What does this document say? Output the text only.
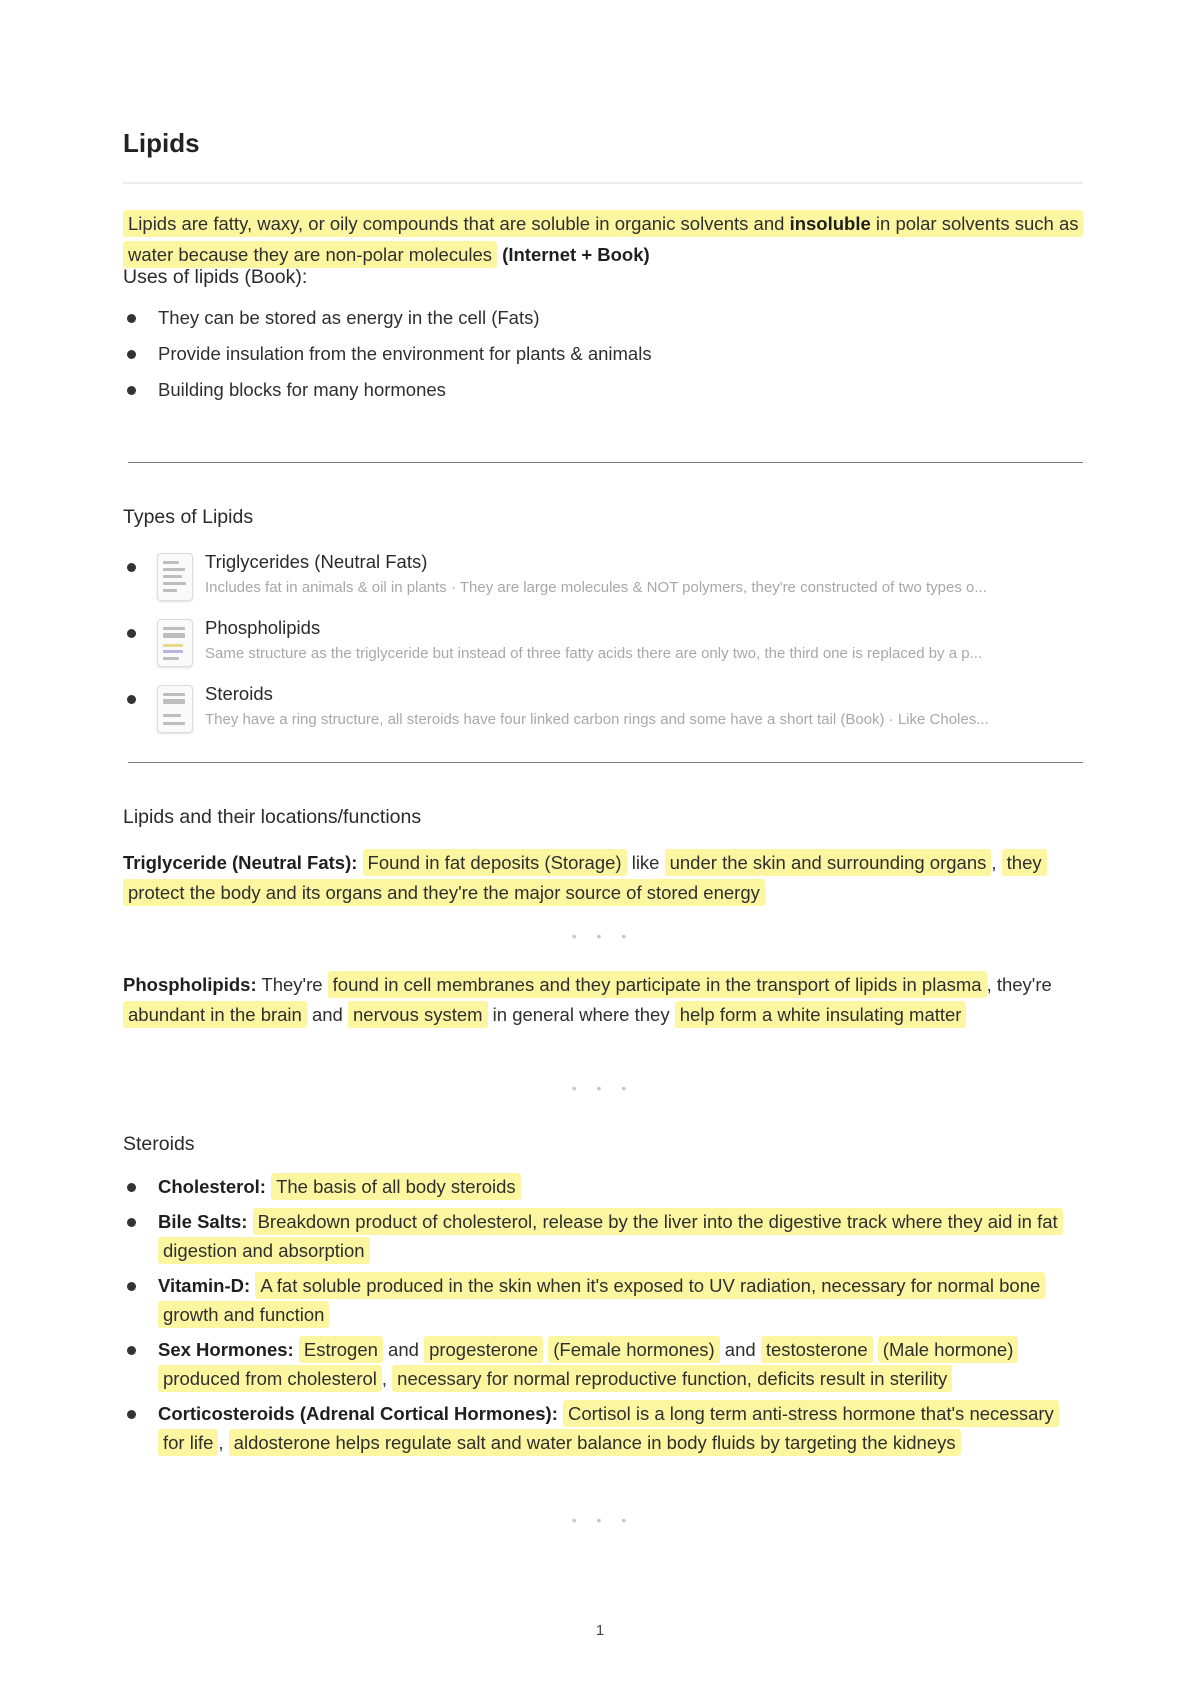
Lipids

Lipids are fatty, waxy, or oily compounds that are soluble in organic solvents and insoluble in polar solvents such as water because they are non-polar molecules (Internet + Book)

Uses of lipids (Book):
They can be stored as energy in the cell (Fats)
Provide insulation from the environment for plants & animals
Building blocks for many hormones
Types of Lipids
Triglycerides (Neutral Fats)
Includes fat in animals & oil in plants · They are large molecules & NOT polymers, they're constructed of two types o...
Phospholipids
Same structure as the triglyceride but instead of three fatty acids there are only two, the third one is replaced by a p...
Steroids
They have a ring structure, all steroids have four linked carbon rings and some have a short tail (Book) · Like Choles...
Lipids and their locations/functions

Triglyceride (Neutral Fats): Found in fat deposits (Storage) like under the skin and surrounding organs , they protect the body and its organs and they're the major source of stored energy

• • •

Phospholipids: They're found in cell membranes and they participate in the transport of lipids in plasma , they're abundant in the brain and nervous system in general where they help form a white insulating matter

• • •
Steroids
Cholesterol: The basis of all body steroids
Bile Salts: Breakdown product of cholesterol, release by the liver into the digestive track where they aid in fat digestion and absorption
Vitamin-D: A fat soluble produced in the skin when it's exposed to UV radiation, necessary for normal bone growth and function
Sex Hormones: Estrogen and progesterone (Female hormones) and testosterone (Male hormone) produced from cholesterol , necessary for normal reproductive function, deficits result in sterility
Corticosteroids (Adrenal Cortical Hormones): Cortisol is a long term anti-stress hormone that's necessary for life , aldosterone helps regulate salt and water balance in body fluids by targeting the kidneys
• • •
1
